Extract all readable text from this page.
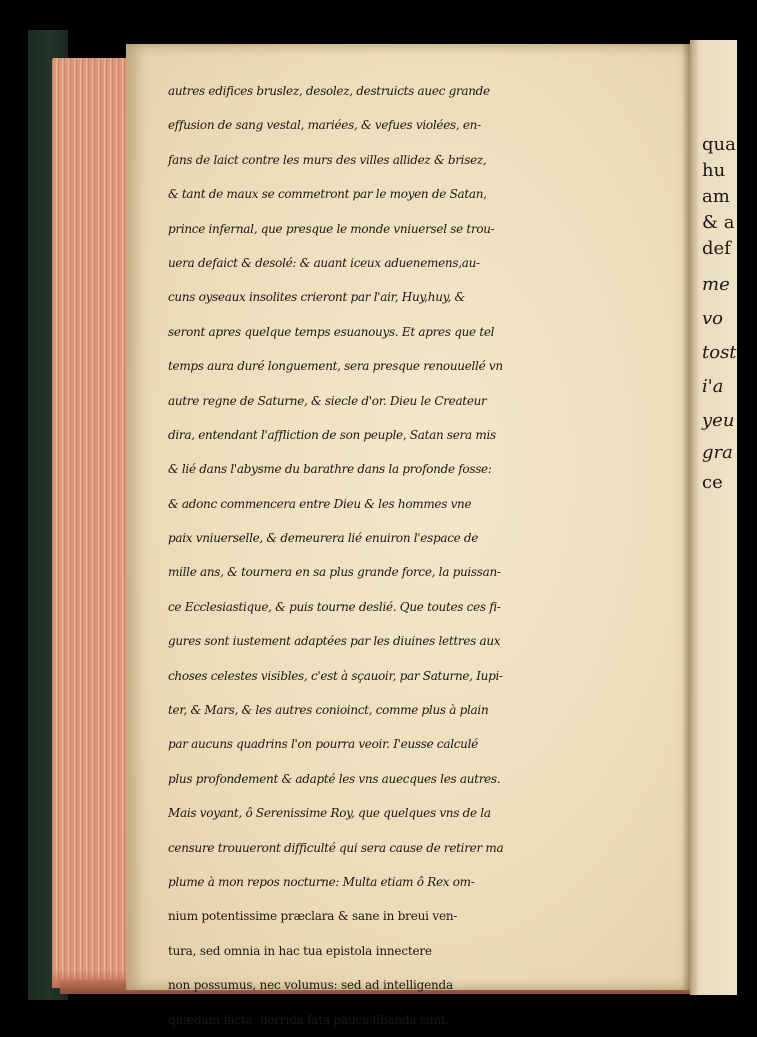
autres edifices bruslez, desolez, destruicts auec grande
effusion de sang vestal, mariées, & vefues violées, en-
fans de laict contre les murs des villes allidez & brisez,
& tant de maux se commetront par le moyen de Satan,
prince infernal, que presque le monde vniuersel se trou-
uera defaict & desolé: & auant iceux aduenemens,au-
cuns oyseaux insolites crieront par l'air, Huy,huy, &
seront apres quelque temps esuanouys. Et apres que tel
temps aura duré longuement, sera presque renouuellé vn
autre regne de Saturne, & siecle d'or. Dieu le Createur
dira, entendant l'affliction de son peuple, Satan sera mis
& lié dans l'abysme du barathre dans la profonde fosse:
& adonc commencera entre Dieu & les hommes vne
paix vniuerselle, & demeurera lié enuiron l'espace de
mille ans, & tournera en sa plus grande force, la puissan-
ce Ecclesiastique, & puis tourne deslié. Que toutes ces fi-
gures sont iustement adaptées par les diuines lettres aux
choses celestes visibles, c'est à sçauoir, par Saturne, Iupi-
ter, & Mars, & les autres conioinct, comme plus à plain
par aucuns quadrins l'on pourra veoir. I'eusse calculé
plus profondement & adapté les vns auecques les autres.
Mais voyant, ô Serenissime Roy, que quelques vns de la
censure trouueront difficulté qui sera cause de retirer ma
plume à mon repos nocturne: Multa etiam ô Rex om-
nium potentissime præclara & sane in breui ven-
tura, sed omnia in hac tua epistola innectere
non possumus, nec volumus: sed ad intelligenda
quædam facta, horrida fata pauca libanda sunt,
qua
hu
am
& a
def
me
vo
tost
i'a
yeu
gra
ce
